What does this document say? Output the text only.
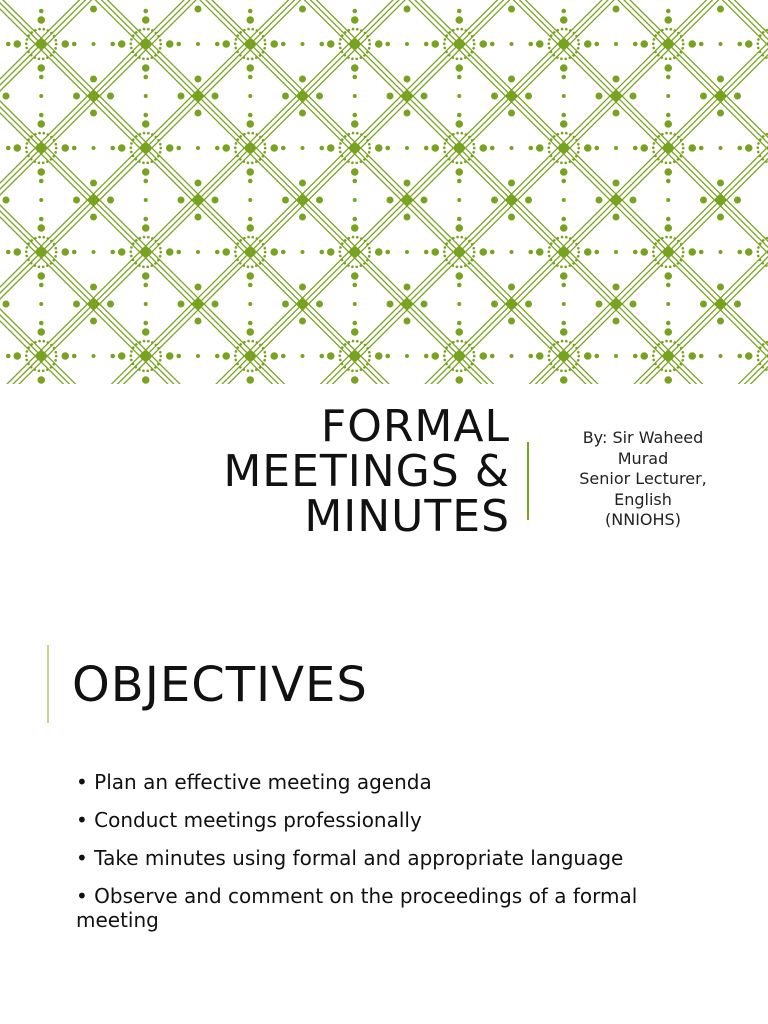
FORMAL
MEETINGS &
MINUTES
By: Sir Waheed
Murad
Senior Lecturer,
English
(NNIOHS)
OBJECTIVES
• Plan an effective meeting agenda
• Conduct meetings professionally
• Take minutes using formal and appropriate language
• Observe and comment on the proceedings of a formal meeting
